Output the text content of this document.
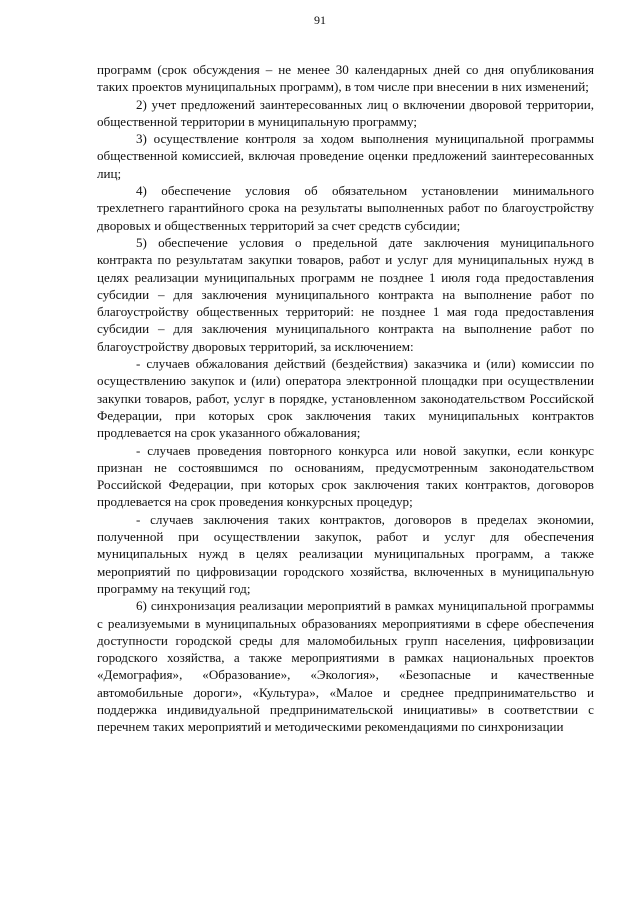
91

программ (срок обсуждения – не менее 30 календарных дней со дня опубликования таких проектов муниципальных программ), в том числе при внесении в них изменений;

2) учет предложений заинтересованных лиц о включении дворовой территории, общественной территории в муниципальную программу;

3) осуществление контроля за ходом выполнения муниципальной программы общественной комиссией, включая проведение оценки предложений заинтересованных лиц;

4) обеспечение условия об обязательном установлении минимального трехлетнего гарантийного срока на результаты выполненных работ по благоустройству дворовых и общественных территорий за счет средств субсидии;

5) обеспечение условия о предельной дате заключения муниципального контракта по результатам закупки товаров, работ и услуг для муниципальных нужд в целях реализации муниципальных программ не позднее 1 июля года предоставления субсидии – для заключения муниципального контракта на выполнение работ по благоустройству общественных территорий: не позднее 1 мая года предоставления субсидии – для заключения муниципального контракта на выполнение работ по благоустройству дворовых территорий, за исключением:

- случаев обжалования действий (бездействия) заказчика и (или) комиссии по осуществлению закупок и (или) оператора электронной площадки при осуществлении закупки товаров, работ, услуг в порядке, установленном законодательством Российской Федерации, при которых срок заключения таких муниципальных контрактов продлевается на срок указанного обжалования;

- случаев проведения повторного конкурса или новой закупки, если конкурс признан не состоявшимся по основаниям, предусмотренным законодательством Российской Федерации, при которых срок заключения таких контрактов, договоров продлевается на срок проведения конкурсных процедур;

- случаев заключения таких контрактов, договоров в пределах экономии, полученной при осуществлении закупок, работ и услуг для обеспечения муниципальных нужд в целях реализации муниципальных программ, а также мероприятий по цифровизации городского хозяйства, включенных в муниципальную программу на текущий год;

6) синхронизация реализации мероприятий в рамках муниципальной программы с реализуемыми в муниципальных образованиях мероприятиями в сфере обеспечения доступности городской среды для маломобильных групп населения, цифровизации городского хозяйства, а также мероприятиями в рамках национальных проектов «Демография», «Образование», «Экология», «Безопасные и качественные автомобильные дороги», «Культура», «Малое и среднее предпринимательство и поддержка индивидуальной предпринимательской инициативы» в соответствии с перечнем таких мероприятий и методическими рекомендациями по синхронизации
